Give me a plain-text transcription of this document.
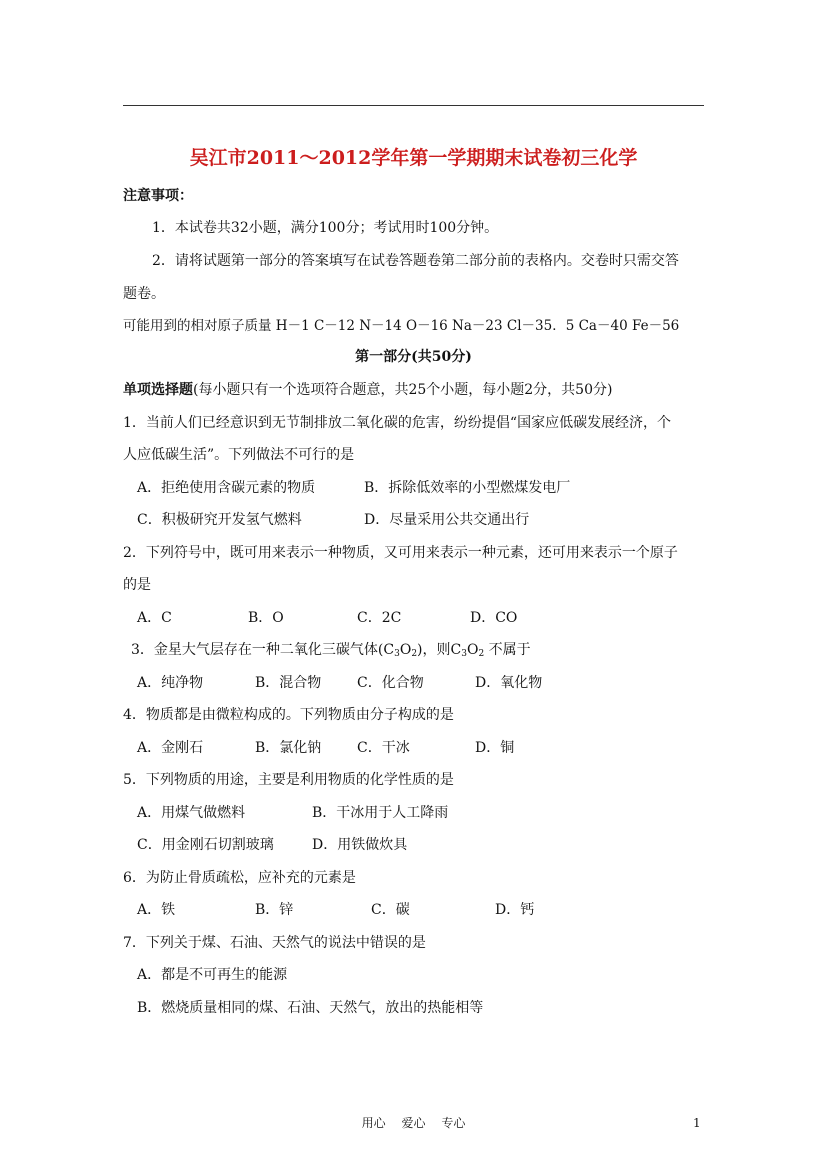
吴江市2011～2012学年第一学期期末试卷初三化学
注意事项：
1．本试卷共32小题，满分100分；考试用时100分钟。
2．请将试题第一部分的答案填写在试卷答题卷第二部分前的表格内。交卷时只需交答
题卷。
可能用到的相对原子质量 H－1 C－12 N－14 O－16 Na－23 Cl－35．5 Ca－40 Fe－56
第一部分(共50分)
单项选择题(每小题只有一个选项符合题意，共25个小题，每小题2分，共50分)
1．当前人们已经意识到无节制排放二氧化碳的危害，纷纷提倡“国家应低碳发展经济，个
人应低碳生活”。下列做法不可行的是
A．拒绝使用含碳元素的物质	B．拆除低效率的小型燃煤发电厂
C．积极研究开发氢气燃料	D．尽量采用公共交通出行
2．下列符号中，既可用来表示一种物质，又可用来表示一种元素，还可用来表示一个原子
的是
A．C	B．O	C．2C	D．CO
3．金星大气层存在一种二氧化三碳气体$(C_3O_2)$，则$C_3O_2$ 不属于
A．纯净物	B．混合物	C．化合物	D．氧化物
4．物质都是由微粒构成的。下列物质由分子构成的是
A．金刚石	B．氯化钠	C．干冰	D．铜
5．下列物质的用途，主要是利用物质的化学性质的是
A．用煤气做燃料	B．干冰用于人工降雨
C．用金刚石切割玻璃	D．用铁做炊具
6．为防止骨质疏松，应补充的元素是
A．铁	B．锌	C．碳	D．钙
7．下列关于煤、石油、天然气的说法中错误的是
A．都是不可再生的能源
B．燃烧质量相同的煤、石油、天然气，放出的热能相等
用心 爱心 专心	1
